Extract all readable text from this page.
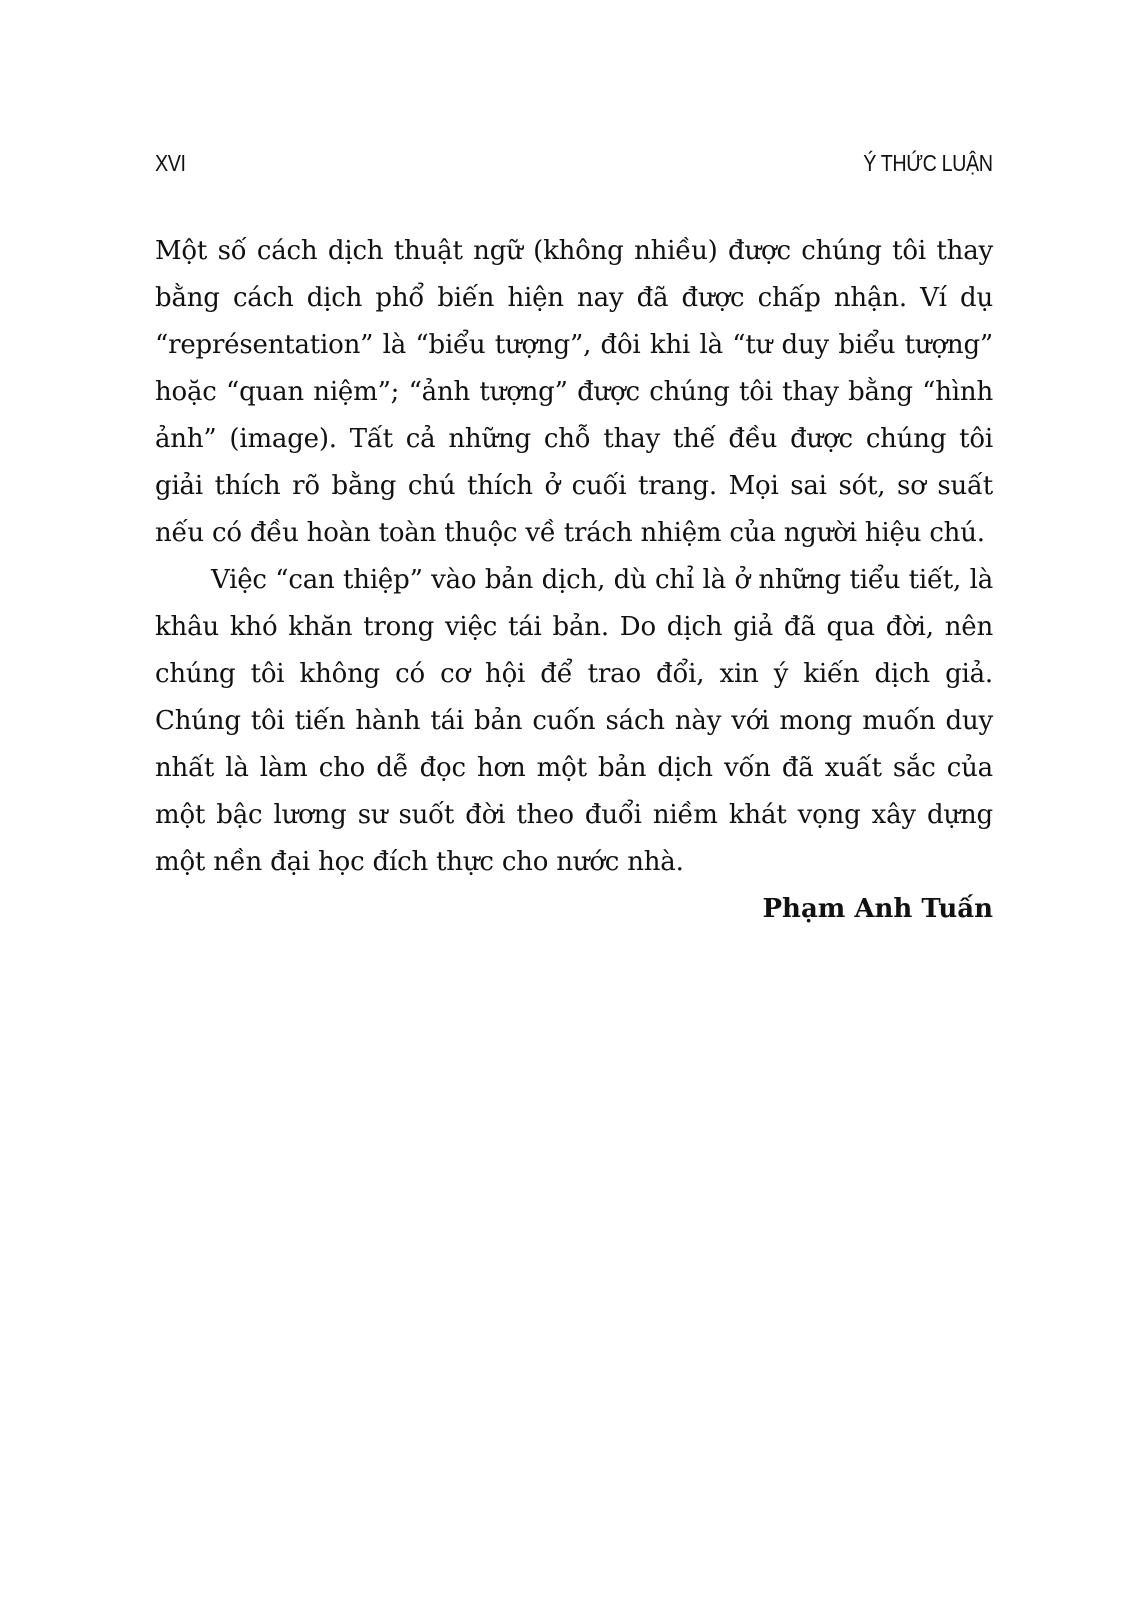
XVI	Ý THỨC LUẬN

Một số cách dịch thuật ngữ (không nhiều) được chúng tôi thay bằng cách dịch phổ biến hiện nay đã được chấp nhận. Ví dụ “représentation” là “biểu tượng”, đôi khi là “tư duy biểu tượng” hoặc “quan niệm”; “ảnh tượng” được chúng tôi thay bằng “hình ảnh” (image). Tất cả những chỗ thay thế đều được chúng tôi giải thích rõ bằng chú thích ở cuối trang. Mọi sai sót, sơ suất nếu có đều hoàn toàn thuộc về trách nhiệm của người hiệu chú.

Việc “can thiệp” vào bản dịch, dù chỉ là ở những tiểu tiết, là khâu khó khăn trong việc tái bản. Do dịch giả đã qua đời, nên chúng tôi không có cơ hội để trao đổi, xin ý kiến dịch giả. Chúng tôi tiến hành tái bản cuốn sách này với mong muốn duy nhất là làm cho dễ đọc hơn một bản dịch vốn đã xuất sắc của một bậc lương sư suốt đời theo đuổi niềm khát vọng xây dựng một nền đại học đích thực cho nước nhà.

Phạm Anh Tuấn
